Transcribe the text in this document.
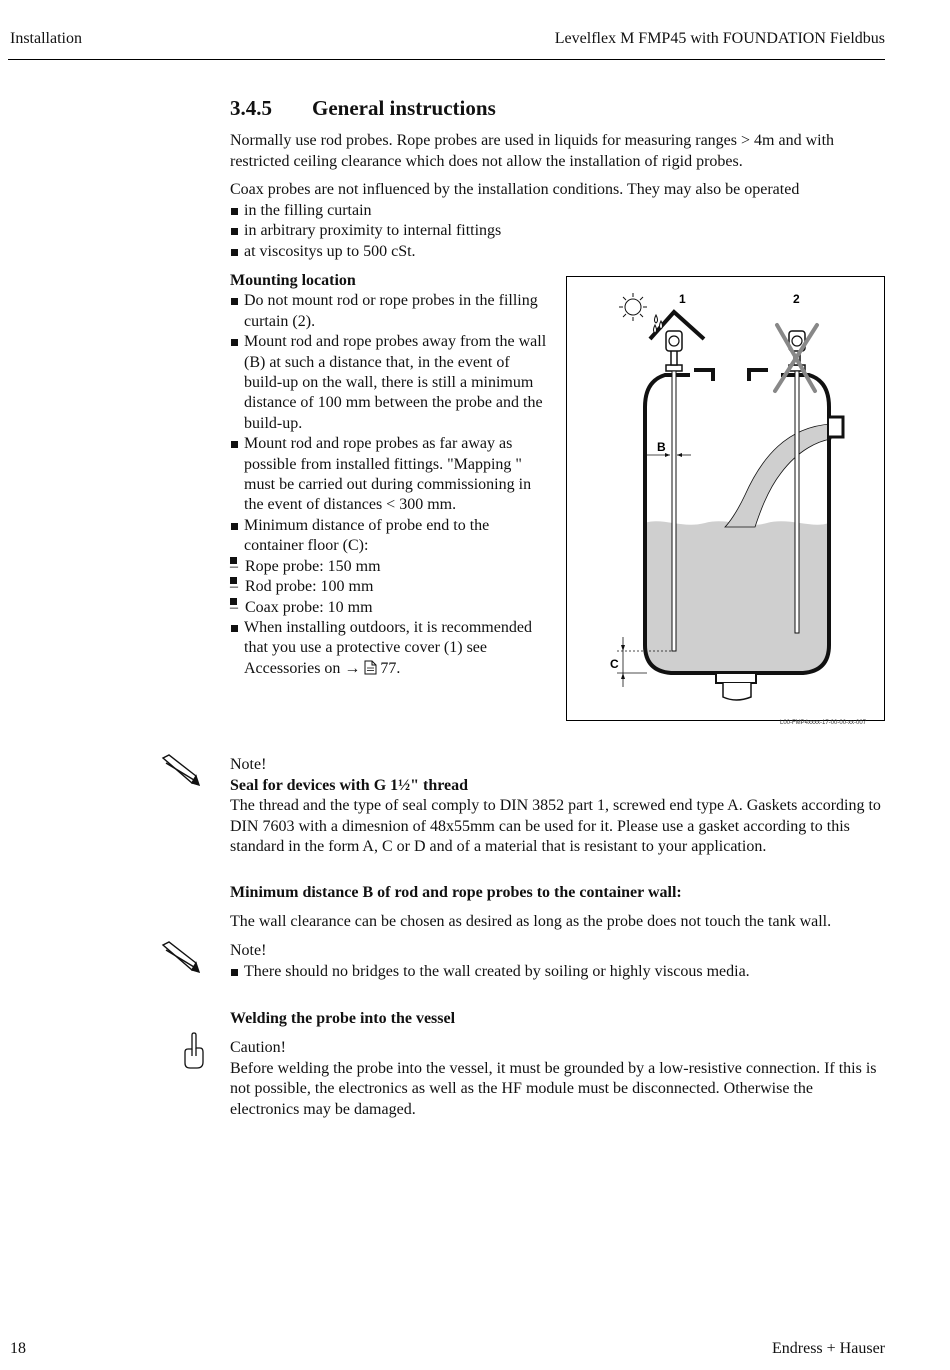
Installation	Levelflex M FMP45 with FOUNDATION Fieldbus
3.4.5 General instructions
Normally use rod probes. Rope probes are used in liquids for measuring ranges > 4m and with restricted ceiling clearance which does not allow the installation of rigid probes.
Coax probes are not influenced by the installation conditions. They may also be operated
in the filling curtain
in arbitrary proximity to internal fittings
at viscositys up to 500 cSt.
Mounting location
Do not mount rod or rope probes in the filling curtain (2).
Mount rod and rope probes away from the wall (B) at such a distance that, in the event of build-up on the wall, there is still a minimum distance of 100 mm between the probe and the build-up.
Mount rod and rope probes as far away as possible from installed fittings. "Mapping " must be carried out during commissioning in the event of distances < 300 mm.
Minimum distance of probe end to the container floor (C):
– Rope probe: 150 mm
– Rod probe: 100 mm
– Coax probe: 10 mm
When installing outdoors, it is recommended that you use a protective cover (1) see Accessories on → 77.
B
C
1	2
L00-FMP4xxxx-17-00-00-xx-007
Note!
Seal for devices with G 1½" thread
The thread and the type of seal comply to DIN 3852 part 1, screwed end type A. Gaskets according to DIN 7603 with a dimesnion of 48x55mm can be used for it. Please use a gasket according to this standard in the form A, C or D and of a material that is resistant to your application.
Minimum distance B of rod and rope probes to the container wall:
The wall clearance can be chosen as desired as long as the probe does not touch the tank wall.
Note!
There should no bridges to the wall created by soiling or highly viscous media.
Welding the probe into the vessel
Caution!
Before welding the probe into the vessel, it must be grounded by a low-resistive connection. If this is not possible, the electronics as well as the HF module must be disconnected. Otherwise the electronics may be damaged.
18	Endress + Hauser
